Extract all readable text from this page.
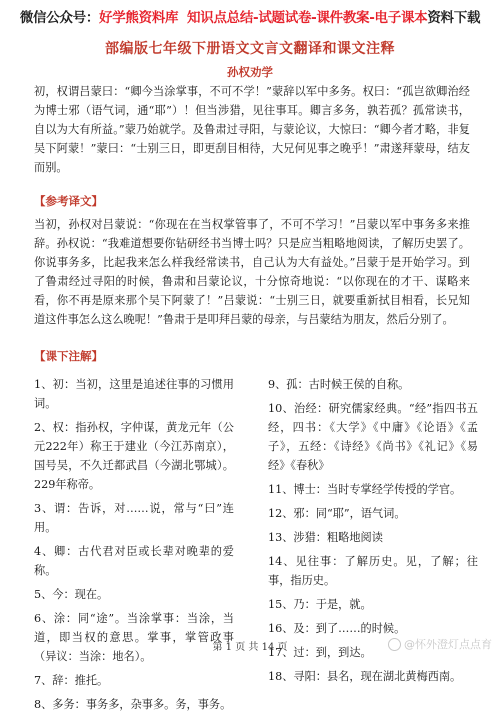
微信公众号：好学熊资料库 知识点总结-试题试卷-课件教案-电子课本资料下载
部编版七年级下册语文文言文翻译和课文注释
孙权劝学

初，权谓吕蒙曰：“卿今当涂掌事，不可不学！”蒙辞以军中多务。权曰：“孤岂欲卿治经为博士邪（语气词，通“耶”）！但当涉猎，见往事耳。卿言多务，孰若孤？孤常读书，自以为大有所益。”蒙乃始就学。及鲁肃过寻阳，与蒙论议，大惊曰：“卿今者才略，非复吴下阿蒙！”蒙曰：“士别三日，即更刮目相待，大兄何见事之晚乎！”肃遂拜蒙母，结友而别。

【参考译文】

当初，孙权对吕蒙说：“你现在在当权掌管事了，不可不学习！”吕蒙以军中事务多来推辞。孙权说：“我难道想要你钻研经书当博士吗？只是应当粗略地阅读，了解历史罢了。你说事务多，比起我来怎么样我经常读书，自己认为大有益处。”吕蒙于是开始学习。到了鲁肃经过寻阳的时候，鲁肃和吕蒙论议，十分惊奇地说：“以你现在的才干、谋略来看，你不再是原来那个吴下阿蒙了！”吕蒙说：“士别三日，就要重新拭目相看，长兄知道这件事怎么这么晚呢！”鲁肃于是叩拜吕蒙的母亲，与吕蒙结为朋友，然后分别了。

【课下注解】

1、初：当初，这里是追述往事的习惯用词。

2、权：指孙权，字仲谋，黄龙元年（公元222年）称王于建业（今江苏南京），国号吴，不久迁都武昌（今湖北鄂城）。229年称帝。

3、谓：告诉，对……说，常与“曰”连用。

4、卿：古代君对臣或长辈对晚辈的爱称。

5、今：现在。

6、涂：同“途”。当涂掌事：当涂，当道，即当权的意思。掌事，掌管政事（异议：当涂：地名）。

7、辞：推托。

8、多务：事务多，杂事多。务，事务。

9、孤：古时候王侯的自称。

10、治经：研究儒家经典。“经”指四书五经，四书：《大学》《中庸》《论语》《孟子》，五经：《诗经》《尚书》《礼记》《易经》《春秋》

11、博士：当时专掌经学传授的学官。

12、邪：同“耶”，语气词。

13、涉猎：粗略地阅读

14、见往事：了解历史。见，了解；往事，指历史。

15、乃：于是，就。

16、及：到了……的时候。

17、过：到，到达。

18、寻阳：县名，现在湖北黄梅西南。

第 1 页 共 14 页	@怀外澄灯点点育
